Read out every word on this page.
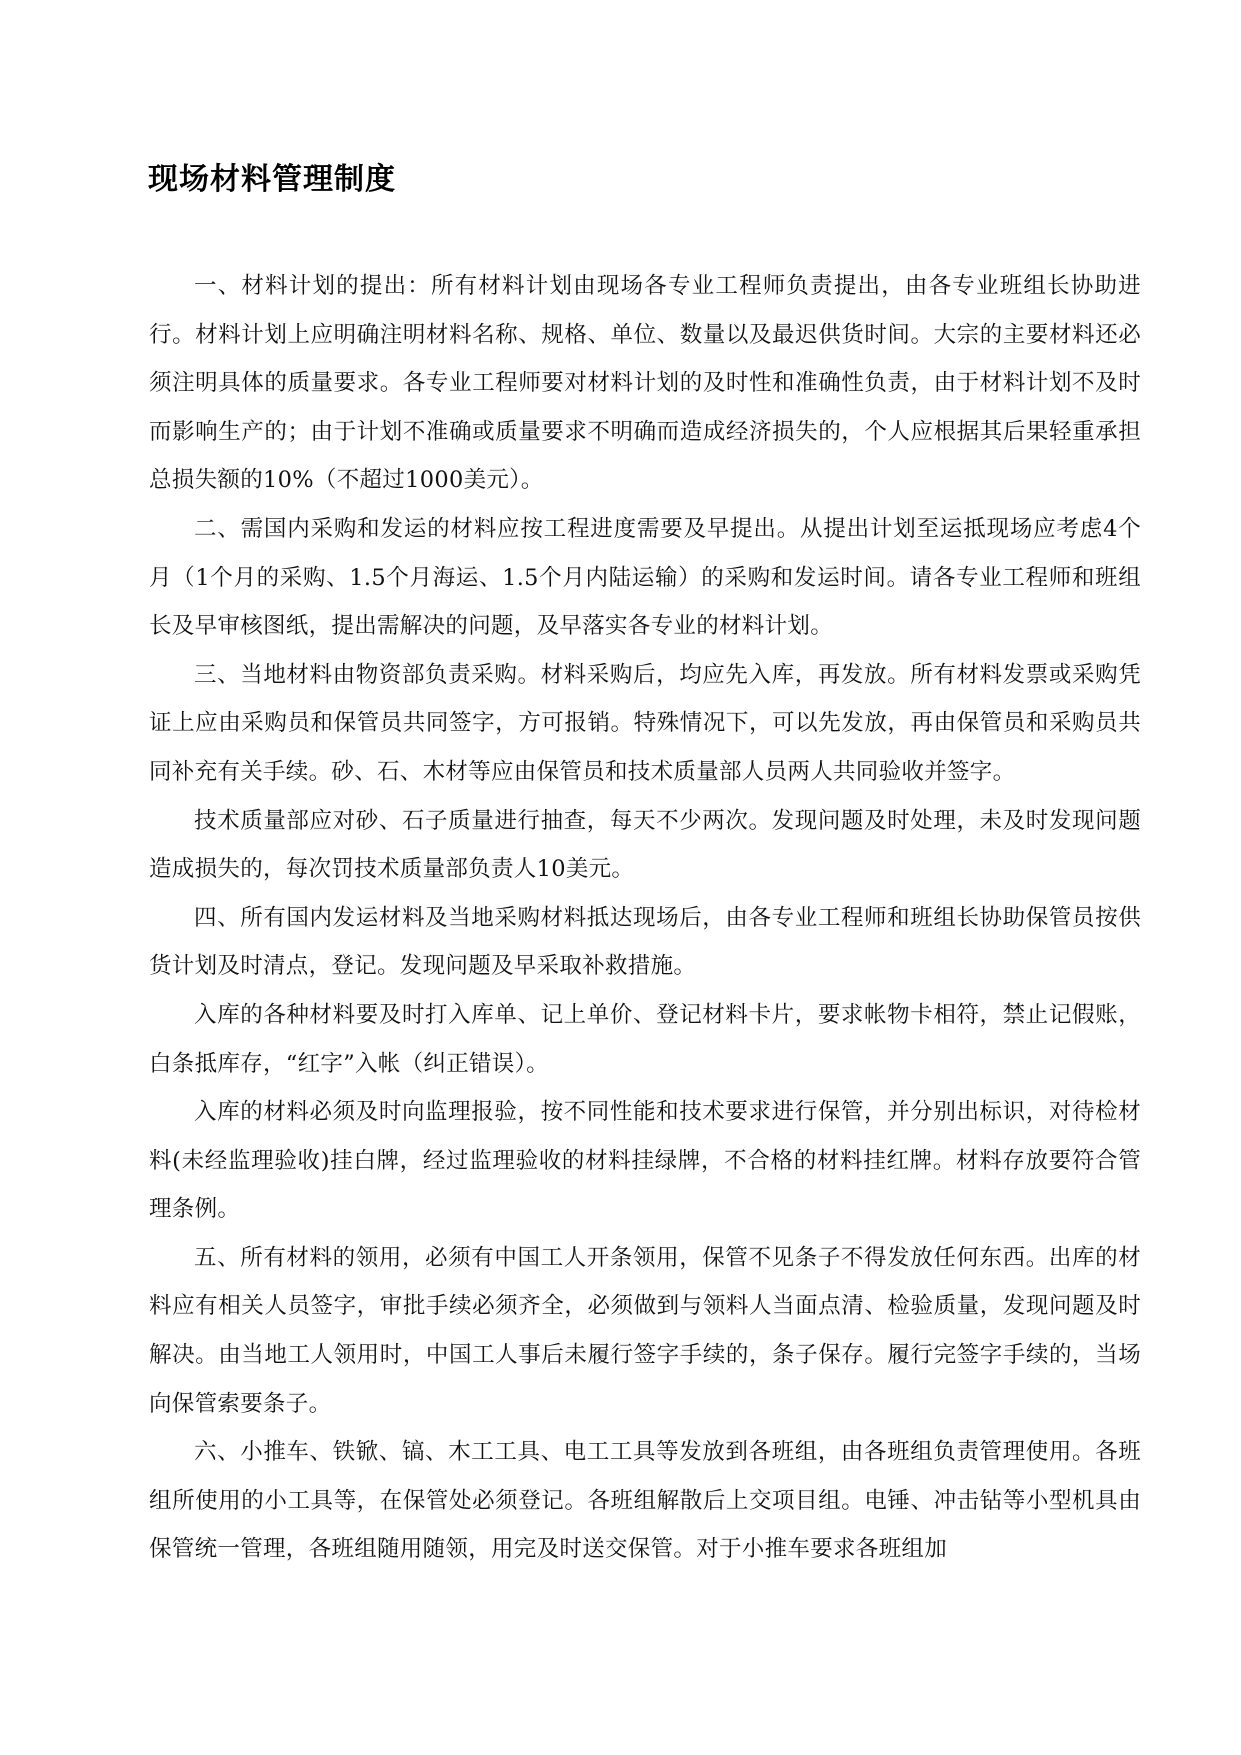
现场材料管理制度

一、材料计划的提出：所有材料计划由现场各专业工程师负责提出，由各专业班组长协助进行。材料计划上应明确注明材料名称、规格、单位、数量以及最迟供货时间。大宗的主要材料还必须注明具体的质量要求。各专业工程师要对材料计划的及时性和准确性负责，由于材料计划不及时而影响生产的；由于计划不准确或质量要求不明确而造成经济损失的，个人应根据其后果轻重承担总损失额的10%（不超过1000美元）。

二、需国内采购和发运的材料应按工程进度需要及早提出。从提出计划至运抵现场应考虑4个月（1个月的采购、1.5个月海运、1.5个月内陆运输）的采购和发运时间。请各专业工程师和班组长及早审核图纸，提出需解决的问题，及早落实各专业的材料计划。

三、当地材料由物资部负责采购。材料采购后，均应先入库，再发放。所有材料发票或采购凭证上应由采购员和保管员共同签字，方可报销。特殊情况下，可以先发放，再由保管员和采购员共同补充有关手续。砂、石、木材等应由保管员和技术质量部人员两人共同验收并签字。

技术质量部应对砂、石子质量进行抽查，每天不少两次。发现问题及时处理，未及时发现问题造成损失的，每次罚技术质量部负责人10美元。

四、所有国内发运材料及当地采购材料抵达现场后，由各专业工程师和班组长协助保管员按供货计划及时清点，登记。发现问题及早采取补救措施。

入库的各种材料要及时打入库单、记上单价、登记材料卡片，要求帐物卡相符，禁止记假账，白条抵库存，“红字”入帐（纠正错误）。

入库的材料必须及时向监理报验，按不同性能和技术要求进行保管，并分别出标识，对待检材料(未经监理验收)挂白牌，经过监理验收的材料挂绿牌，不合格的材料挂红牌。材料存放要符合管理条例。

五、所有材料的领用，必须有中国工人开条领用，保管不见条子不得发放任何东西。出库的材料应有相关人员签字，审批手续必须齐全，必须做到与领料人当面点清、检验质量，发现问题及时解决。由当地工人领用时，中国工人事后未履行签字手续的，条子保存。履行完签字手续的，当场向保管索要条子。

六、小推车、铁锨、镐、木工工具、电工工具等发放到各班组，由各班组负责管理使用。各班组所使用的小工具等，在保管处必须登记。各班组解散后上交项目组。电锤、冲击钻等小型机具由保管统一管理，各班组随用随领，用完及时送交保管。对于小推车要求各班组加
